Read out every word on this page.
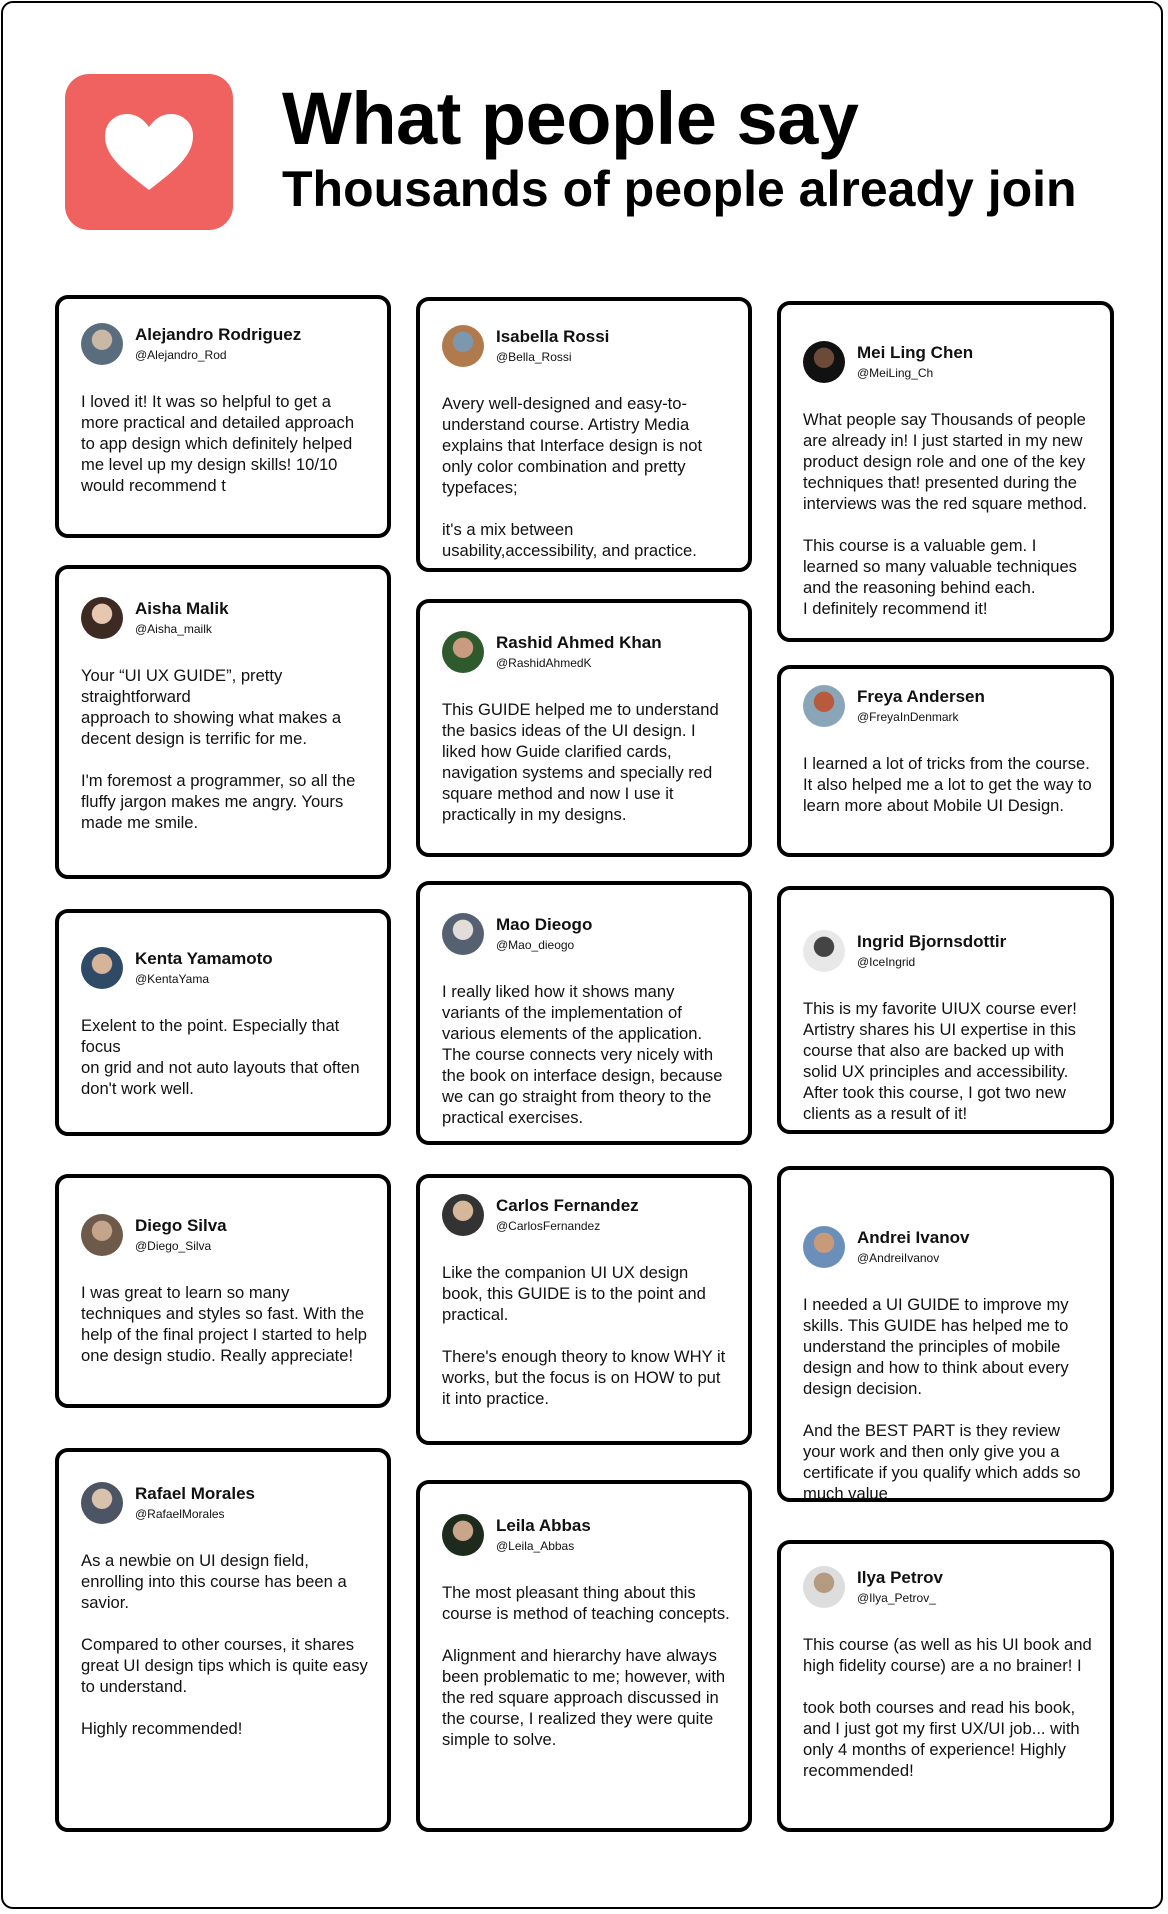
What people say
Thousands of people already join
Alejandro Rodriguez
@Alejandro_Rod
I loved it! It was so helpful to get a more practical and detailed approach to app design which definitely helped me level up my design skills! 10/10 would recommend t
Aisha Malik
@Aisha_mailk
Your “UI UX GUIDE”, pretty straightforward
approach to showing what makes a decent design is terrific for me.

I'm foremost a programmer, so all the fluffy jargon makes me angry. Yours made me smile.
Kenta Yamamoto
@KentaYama
Exelent to the point. Especially that focus
on grid and not auto layouts that often don't work well.
Diego Silva
@Diego_Silva
I was great to learn so many techniques and styles so fast. With the help of the final project I started to help one design studio. Really appreciate!
Rafael Morales
@RafaelMorales
As a newbie on UI design field, enrolling into this course has been a savior.

Compared to other courses, it shares great UI design tips which is quite easy to understand.

Highly recommended!
Isabella Rossi
@Bella_Rossi
Avery well-designed and easy-to-understand course. Artistry Media explains that Interface design is not only color combination and pretty typefaces;

it's a mix between usability,accessibility, and practice.
Rashid Ahmed Khan
@RashidAhmedK
This GUIDE helped me to understand the basics ideas of the UI design. I liked how Guide clarified cards, navigation systems and specially red square method and now I use it practically in my designs.
Mao Dieogo
@Mao_dieogo
I really liked how it shows many variants of the implementation of various elements of the application. The course connects very nicely with the book on interface design, because we can go straight from theory to the practical exercises.
Carlos Fernandez
@CarlosFernandez
Like the companion UI UX design book, this GUIDE is to the point and practical.

There's enough theory to know WHY it works, but the focus is on HOW to put it into practice.
Leila Abbas
@Leila_Abbas
The most pleasant thing about this course is method of teaching concepts.

Alignment and hierarchy have always been problematic to me; however, with the red square approach discussed in the course, I realized they were quite simple to solve.
Mei Ling Chen
@MeiLing_Ch
What people say Thousands of people are already in! I just started in my new product design role and one of the key techniques that! presented during the interviews was the red square method.

This course is a valuable gem. I learned so many valuable techniques and the reasoning behind each.
I definitely recommend it!
Freya Andersen
@FreyaInDenmark
I learned a lot of tricks from the course. It also helped me a lot to get the way to learn more about Mobile UI Design.
Ingrid Bjornsdottir
@IceIngrid
This is my favorite UIUX course ever! Artistry shares his UI expertise in this course that also are backed up with solid UX principles and accessibility. After took this course, I got two new clients as a result of it!
Andrei Ivanov
@AndreiIvanov
I needed a UI GUIDE to improve my skills. This GUIDE has helped me to understand the principles of mobile design and how to think about every design decision.

And the BEST PART is they review your work and then only give you a certificate if you qualify which adds so much value
Ilya Petrov
@Ilya_Petrov_
This course (as well as his UI book and high fidelity course) are a no brainer! I

took both courses and read his book, and I just got my first UX/UI job... with only 4 months of experience! Highly recommended!
